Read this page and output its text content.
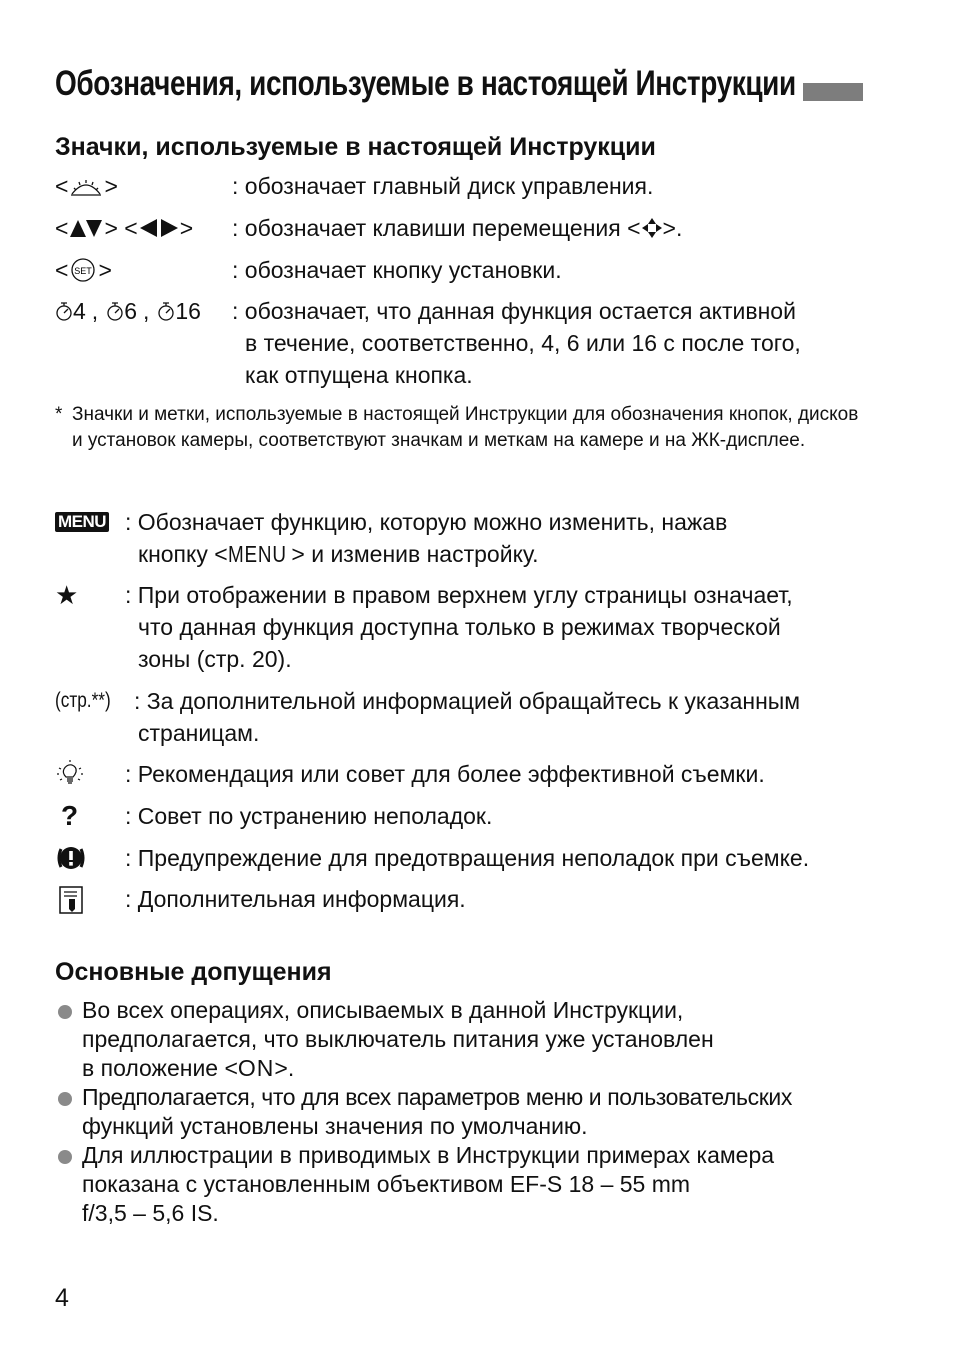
Обозначения, используемые в настоящей Инструкции
Значки, используемые в настоящей Инструкции
< >	: обозначает главный диск управления.
< > < > : обозначает клавиши перемещения < >.
< SET >	: обозначает кнопку установки.
4 , 6 , 16 : обозначает, что данная функция остается активной
в течение, соответственно, 4, 6 или 16 с после того,
как отпущена кнопка.
* Значки и метки, используемые в настоящей Инструкции для обозначения кнопок, дисков и установок камеры, соответствуют значкам и меткам на камере и на ЖК-дисплее.
MENU : Обозначает функцию, которую можно изменить, нажав
кнопку <MENU > и изменив настройку.
★ : При отображении в правом верхнем углу страницы означает,
что данная функция доступна только в режимах творческой
зоны (стр. 20).
(стр.**) : За дополнительной информацией обращайтесь к указанным
страницам.
: Рекомендация или совет для более эффективной съемки.
? : Совет по устранению неполадок.
: Предупреждение для предотвращения неполадок при съемке.
: Дополнительная информация.
Основные допущения
Во всех операциях, описываемых в данной Инструкции,
предполагается, что выключатель питания уже установлен
в положение <ON>.
Предполагается, что для всех параметров меню и пользовательских
функций установлены значения по умолчанию.
Для иллюстрации в приводимых в Инструкции примерах камера
показана с установленным объективом EF-S 18 – 55 mm
f/3,5 – 5,6 IS.
4
